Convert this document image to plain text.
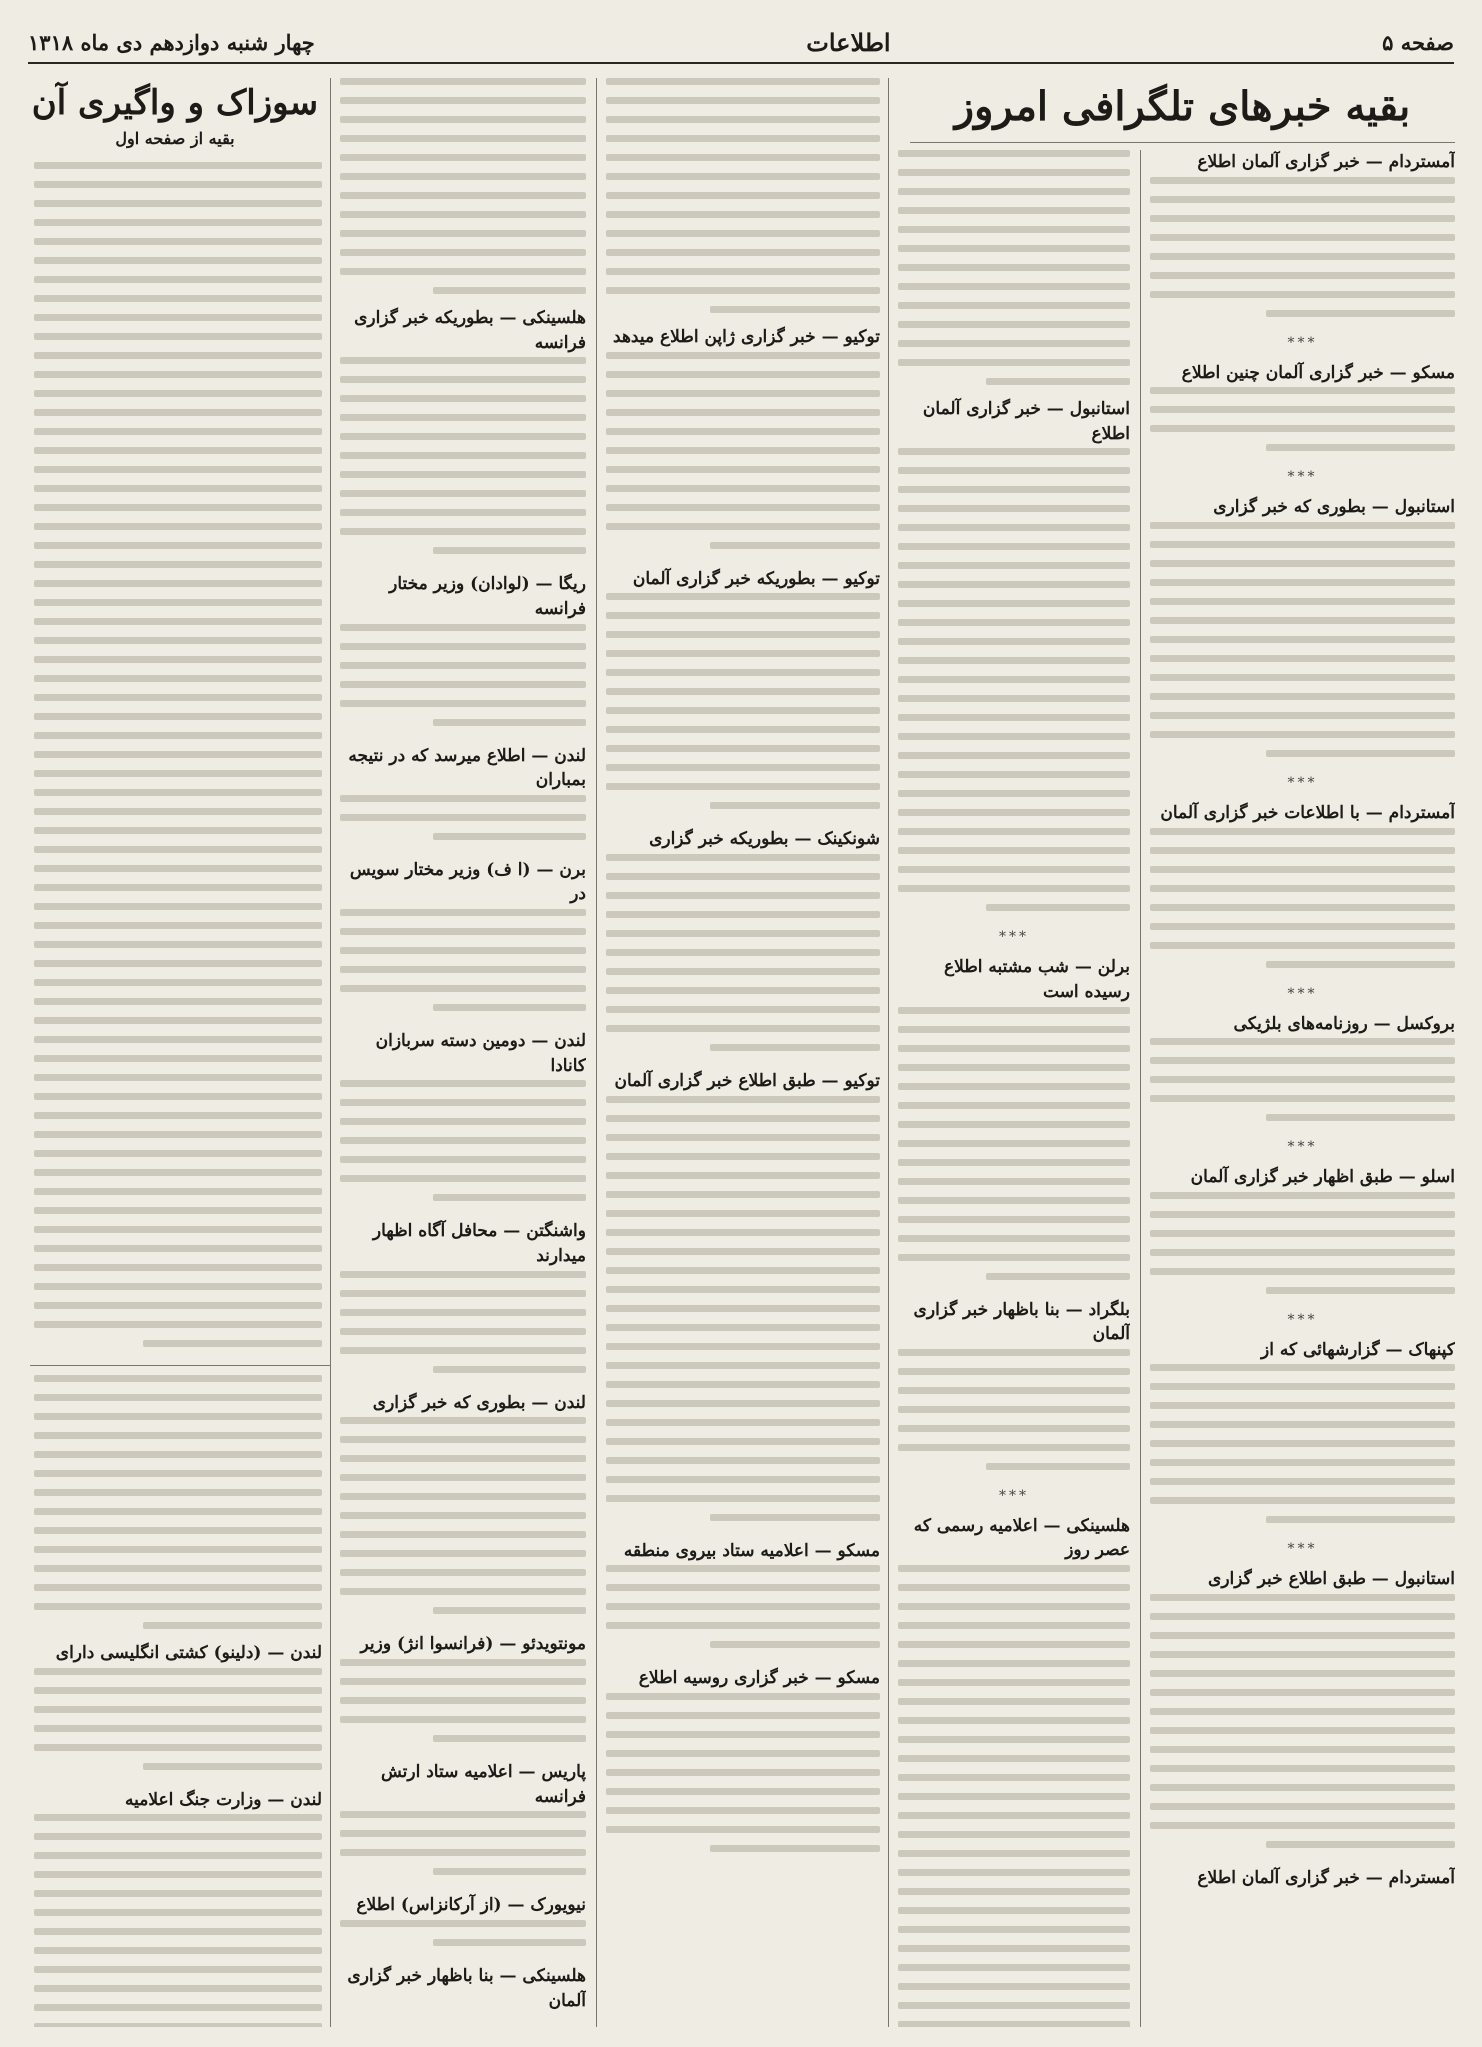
صفحه ۵
اطلاعات
چهار شنبه دوازدهم دی ماه ۱۳۱۸
بقیه خبرهای تلگرافی امروز
سوزاک و واگیری آن
بقیه از صفحه اول

آمستردام — خبر گزاری آلمان اطلاع

***

مسکو — خبر گزاری آلمان چنین اطلاع

***

استانبول — بطوری که خبر گزاری

***

آمستردام — با اطلاعات خبر گزاری آلمان

***

بروکسل — روزنامه‌های بلژیکی

***

اسلو — طبق اظهار خبر گزاری آلمان

***

کپنهاک — گزارشهائی که از

***

استانبول — طبق اطلاع خبر گزاری

آمستردام — خبر گزاری آلمان اطلاع

استانبول — خبر گزاری آلمان اطلاع

***

برلن — شب مشتبه اطلاع رسیده است

بلگراد — بنا باظهار خبر گزاری آلمان

***

هلسینکی — اعلامیه رسمی که عصر روز

توکیو — خبر گزاری ژاپن اطلاع میدهد

توکیو — بطوریکه خبر گزاری آلمان

شونکینک — بطوریکه خبر گزاری

توکیو — طبق اطلاع خبر گزاری آلمان

مسکو — اعلامیه ستاد بیروی منطقه

مسکو — خبر گزاری روسیه اطلاع

هلسینکی — بطوریکه خبر گزاری فرانسه

ریگا — (لوادان) وزیر مختار فرانسه

لندن — اطلاع میرسد که در نتیجه بمباران

برن — (ا ف) وزیر مختار سویس در

لندن — دومین دسته سربازان کانادا

واشنگتن — محافل آگاه اظهار میدارند

لندن — بطوری که خبر گزاری

مونتویدئو — (فرانسوا انژ) وزیر

پاریس — اعلامیه ستاد ارتش فرانسه

نیویورک — (از آرکانزاس) اطلاع

هلسینکی — بنا باظهار خبر گزاری آلمان

لندن — (دلینو) کشتی انگلیسی دارای

لندن — وزارت جنگ اعلامیه
